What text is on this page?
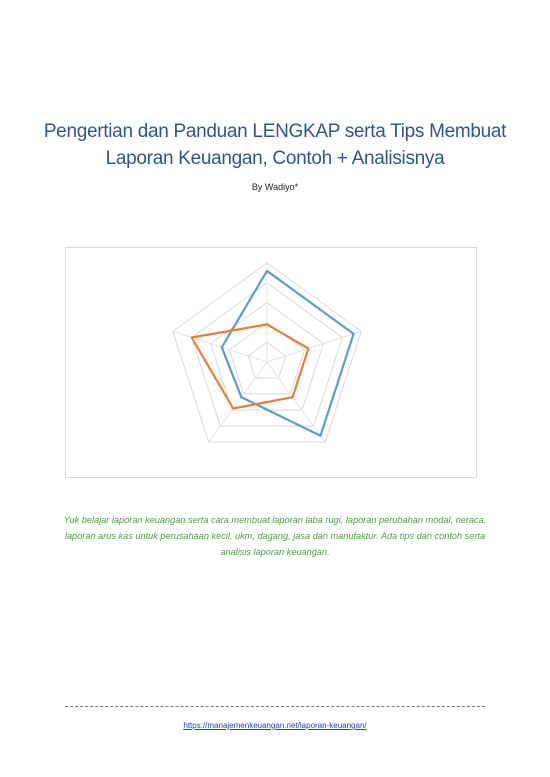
Pengertian dan Panduan LENGKAP serta Tips Membuat
Laporan Keuangan, Contoh + Analisisnya
By Wadiyo*
Yuk belajar laporan keuangan serta cara membuat laporan laba rugi, laporan perubahan modal, neraca, laporan arus kas untuk perusahaan kecil, ukm, dagang, jasa dan manufaktur. Ada tips dan contoh serta analisis laporan keuangan.
https://manajemenkeuangan.net/laporan-keuangan/
